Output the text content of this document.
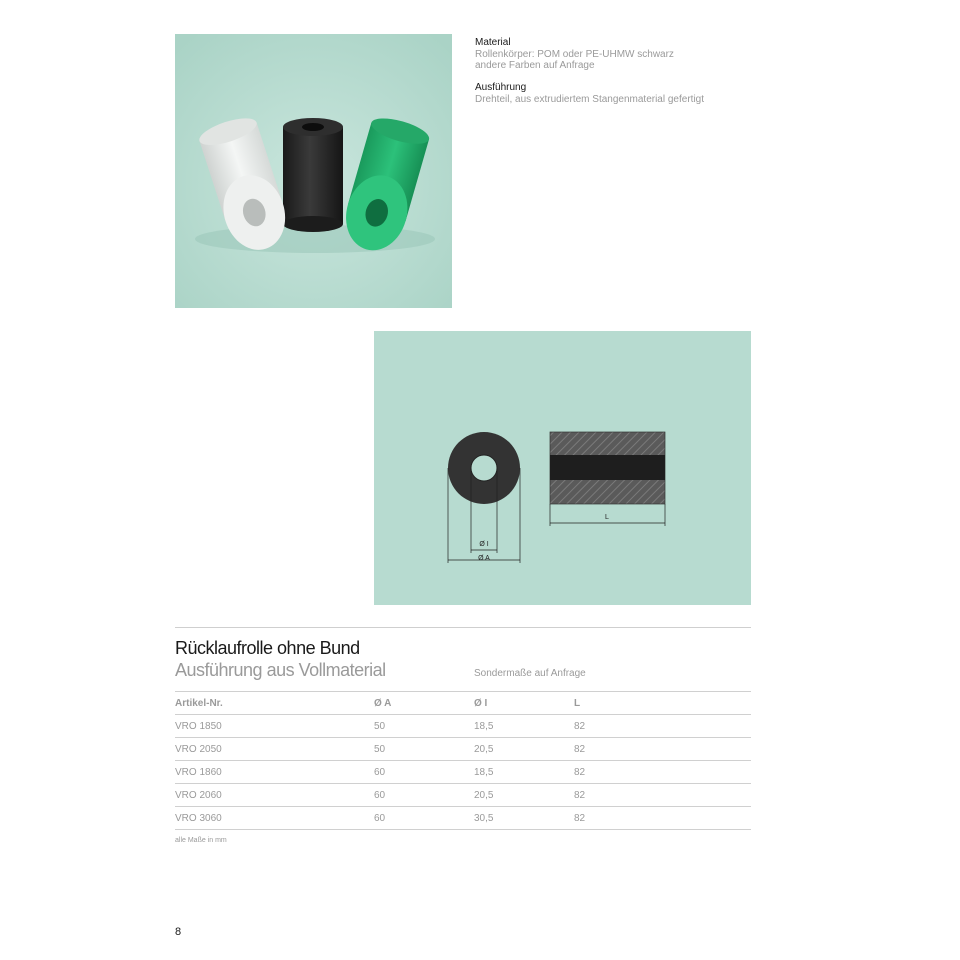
Material
Rollenkörper: POM oder PE-UHMW schwarz
andere Farben auf Anfrage
Ausführung
Drehteil, aus extrudiertem Stangenmaterial gefertigt
Ø I
Ø A
L
Rücklaufrolle ohne Bund
Ausführung aus Vollmaterial	Sondermaße auf Anfrage
Artikel-Nr.	Ø A	Ø I	L
VRO 1850	50	18,5	82
VRO 2050	50	20,5	82
VRO 1860	60	18,5	82
VRO 2060	60	20,5	82
VRO 3060	60	30,5	82
alle Maße in mm
8
